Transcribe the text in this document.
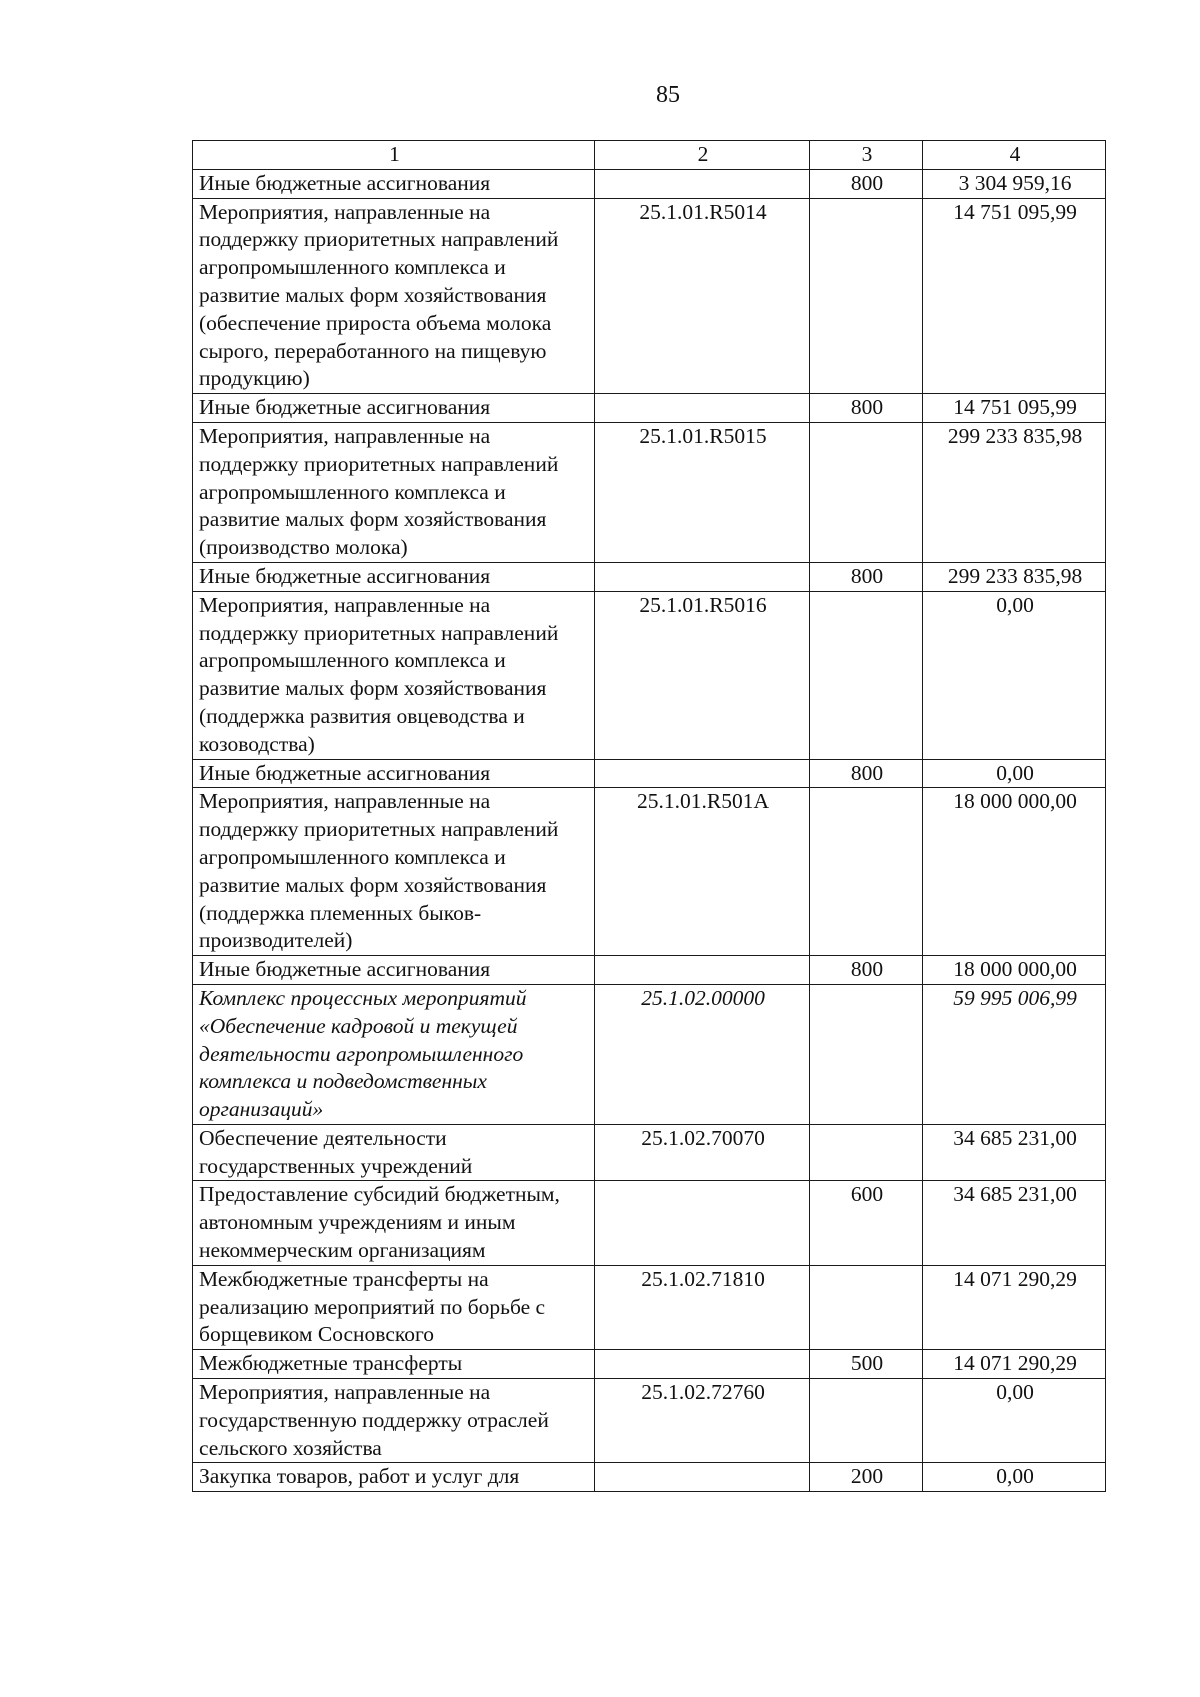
85
1	2	3	4
Иные бюджетные ассигнования		800	3 304 959,16
Мероприятия, направленные на поддержку приоритетных направлений агропромышленного комплекса и развитие малых форм хозяйствования (обеспечение прироста объема молока сырого, переработанного на пищевую продукцию)	25.1.01.R5014		14 751 095,99
Иные бюджетные ассигнования		800	14 751 095,99
Мероприятия, направленные на поддержку приоритетных направлений агропромышленного комплекса и развитие малых форм хозяйствования (производство молока)	25.1.01.R5015		299 233 835,98
Иные бюджетные ассигнования		800	299 233 835,98
Мероприятия, направленные на поддержку приоритетных направлений агропромышленного комплекса и развитие малых форм хозяйствования (поддержка развития овцеводства и козоводства)	25.1.01.R5016		0,00
Иные бюджетные ассигнования		800	0,00
Мероприятия, направленные на поддержку приоритетных направлений агропромышленного комплекса и развитие малых форм хозяйствования (поддержка племенных быков-производителей)	25.1.01.R501A		18 000 000,00
Иные бюджетные ассигнования		800	18 000 000,00
Комплекс процессных мероприятий «Обеспечение кадровой и текущей деятельности агропромышленного комплекса и подведомственных организаций»	25.1.02.00000		59 995 006,99
Обеспечение деятельности государственных учреждений	25.1.02.70070		34 685 231,00
Предоставление субсидий бюджетным, автономным учреждениям и иным некоммерческим организациям		600	34 685 231,00
Межбюджетные трансферты на реализацию мероприятий по борьбе с борщевиком Сосновского	25.1.02.71810		14 071 290,29
Межбюджетные трансферты		500	14 071 290,29
Мероприятия, направленные на государственную поддержку отраслей сельского хозяйства	25.1.02.72760		0,00
Закупка товаров, работ и услуг для		200	0,00
